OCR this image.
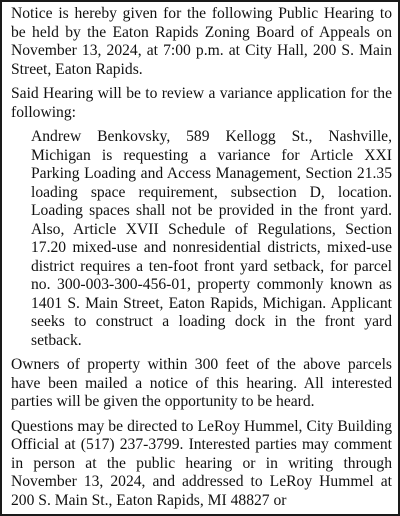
Notice is hereby given for the following Public Hearing to be held by the Eaton Rapids Zoning Board of Appeals on November 13, 2024, at 7:00 p.m. at City Hall, 200 S. Main Street, Eaton Rapids.

Said Hearing will be to review a variance application for the following:

Andrew Benkovsky, 589 Kellogg St., Nashville, Michigan is requesting a variance for Article XXI Parking Loading and Access Management, Section 21.35 loading space requirement, subsection D, location. Loading spaces shall not be provided in the front yard. Also, Article XVII Schedule of Regulations, Section 17.20 mixed-use and nonresidential districts, mixed-use district requires a ten-foot front yard setback, for parcel no. 300-003-300-456-01, property commonly known as 1401 S. Main Street, Eaton Rapids, Michigan. Applicant seeks to construct a loading dock in the front yard setback.

Owners of property within 300 feet of the above parcels have been mailed a notice of this hearing. All interested parties will be given the opportunity to be heard.

Questions may be directed to LeRoy Hummel, City Building Official at (517) 237-3799. Interested parties may comment in person at the public hearing or in writing through November 13, 2024, and addressed to LeRoy Hummel at 200 S. Main St., Eaton Rapids, MI 48827 or
